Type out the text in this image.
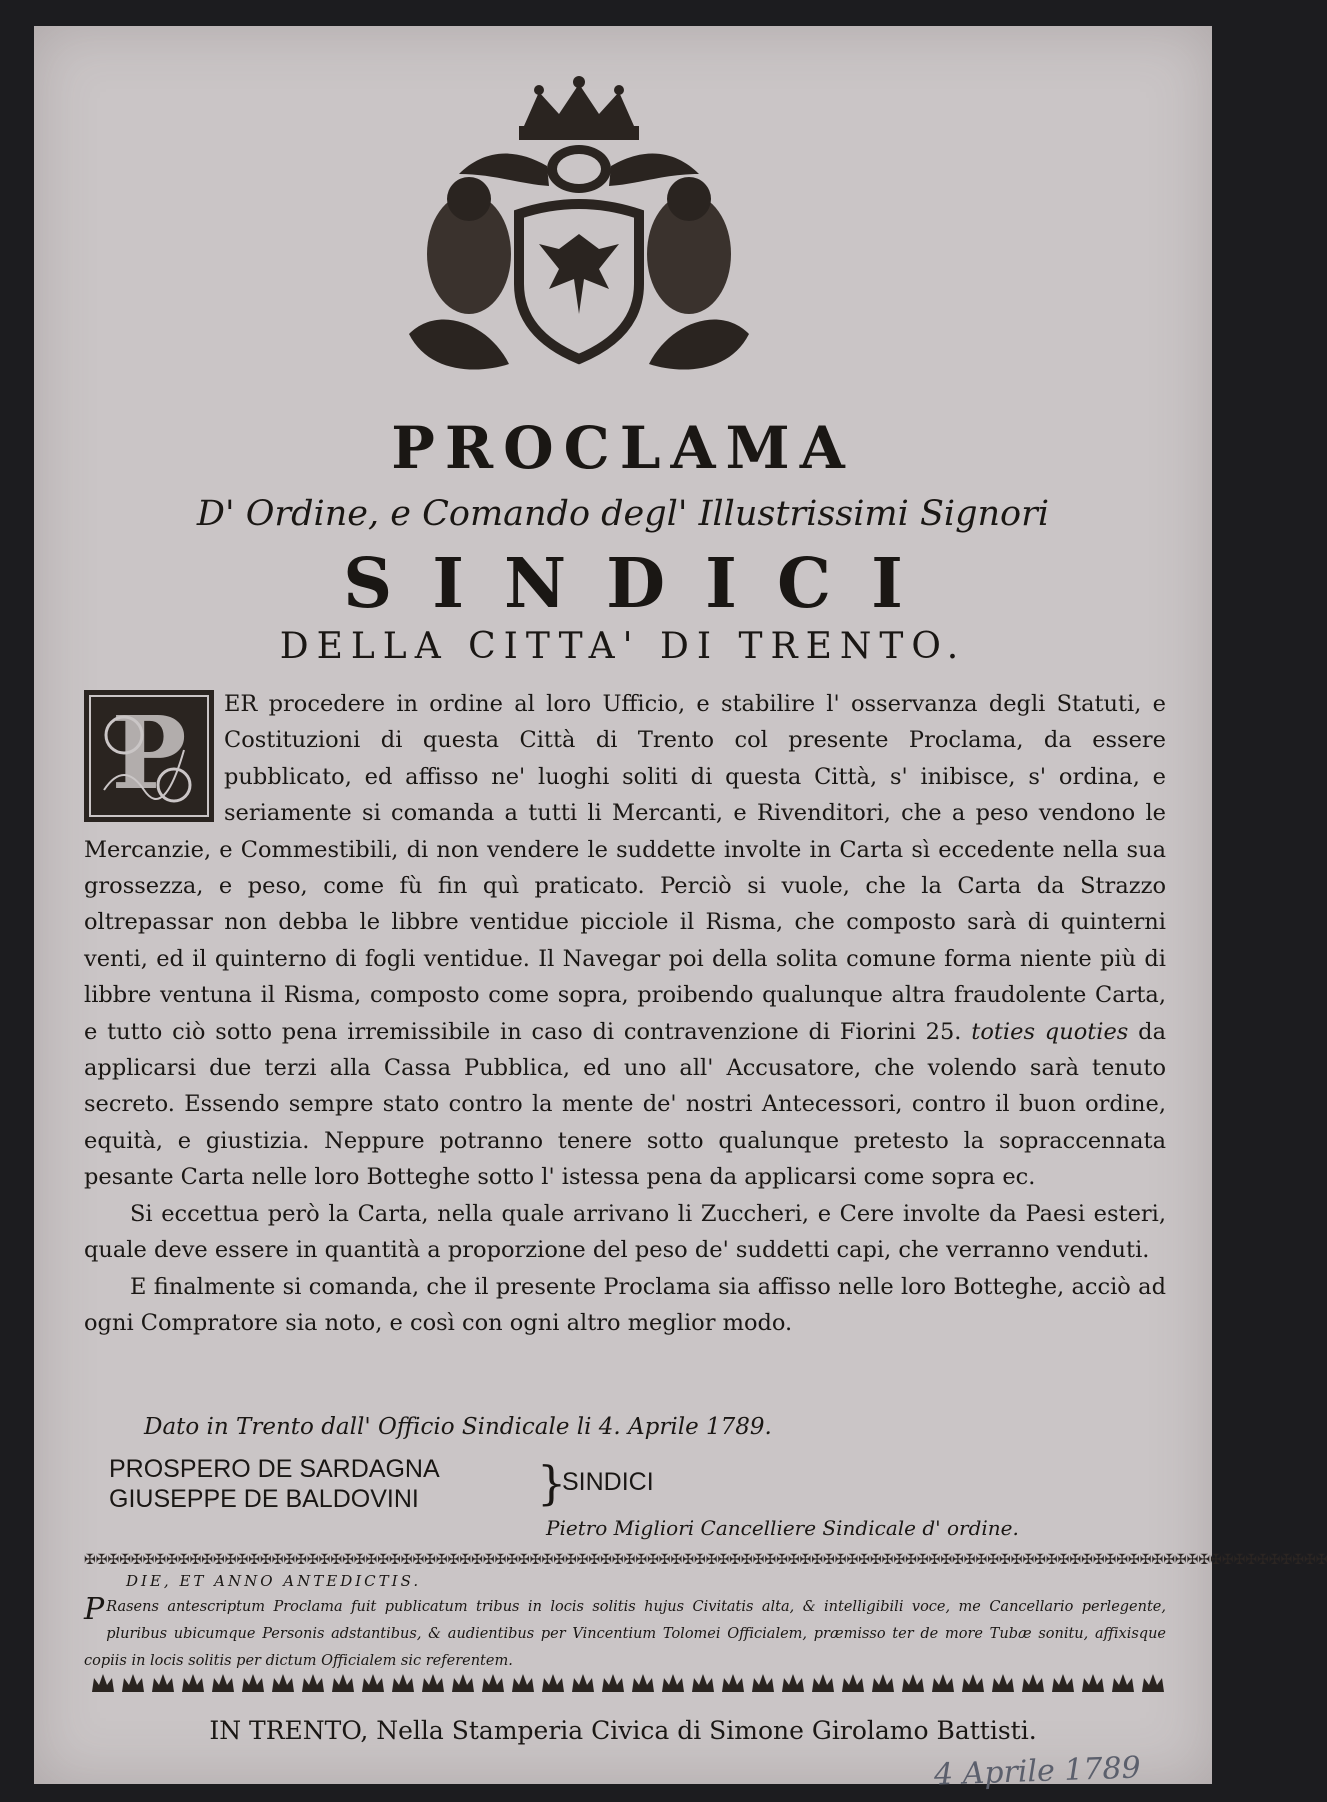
PROCLAMA
D' Ordine, e Comando degl' Illustrissimi Signori
SINDICI
DELLA CITTA' DI TRENTO.

P ER procedere in ordine al loro Ufficio, e stabilire l' osservanza degli Statuti, e Costituzioni di questa Città di Trento col presente Proclama, da essere pubblicato, ed affisso ne' luoghi soliti di questa Città, s' inibisce, s' ordina, e seriamente si comanda a tutti li Mercanti, e Rivenditori, che a peso vendono le Mercanzie, e Commestibili, di non vendere le suddette involte in Carta sì eccedente nella sua grossezza, e peso, come fù fin quì praticato. Perciò si vuole, che la Carta da Strazzo oltrepassar non debba le libbre ventidue picciole il Risma, che composto sarà di quinterni venti, ed il quinterno di fogli ventidue. Il Navegar poi della solita comune forma niente più di libbre ventuna il Risma, composto come sopra, proibendo qualunque altra fraudolente Carta, e tutto ciò sotto pena irremissibile in caso di contravenzione di Fiorini 25. toties quoties da applicarsi due terzi alla Cassa Pubblica, ed uno all' Accusatore, che volendo sarà tenuto secreto. Essendo sempre stato contro la mente de' nostri Antecessori, contro il buon ordine, equità, e giustizia. Neppure potranno tenere sotto qualunque pretesto la sopraccennata pesante Carta nelle loro Botteghe sotto l' istessa pena da applicarsi come sopra ec.

Si eccettua però la Carta, nella quale arrivano li Zuccheri, e Cere involte da Paesi esteri, quale deve essere in quantità a proporzione del peso de' suddetti capi, che verranno venduti.

E finalmente si comanda, che il presente Proclama sia affisso nelle loro Botteghe, acciò ad ogni Compratore sia noto, e così con ogni altro meglior modo.

Dato in Trento dall' Officio Sindicale li 4. Aprile 1789.
PROSPERO DE SARDAGNA
GIUSEPPE DE BALDOVINI	}
SINDICI
Pietro Migliori Cancelliere Sindicale d' ordine.
✠✠✠✠✠✠✠✠✠✠✠✠✠✠✠✠✠✠✠✠✠✠✠✠✠✠✠✠✠✠✠✠✠✠✠✠✠✠✠✠✠✠✠✠✠✠✠✠✠✠✠✠✠✠✠✠✠✠✠✠✠✠✠✠✠✠✠✠✠✠✠✠✠✠✠✠✠✠✠✠✠✠✠✠✠✠✠✠✠✠✠✠✠✠✠✠✠✠✠✠✠✠✠✠✠✠
DIE, ET ANNO ANTEDICTIS.
P Rasens antescriptum Proclama fuit publicatum tribus in locis solitis hujus Civitatis alta, & intelligibili voce, me Cancellario perlegente, pluribus ubicumque Personis adstantibus, & audientibus per Vincentium Tolomei Officialem, præmisso ter de more Tubæ sonitu, affixisque copiis in locis solitis per dictum Officialem sic referentem.
IN TRENTO, Nella Stamperia Civica di Simone Girolamo Battisti.
4 Aprile 1789
